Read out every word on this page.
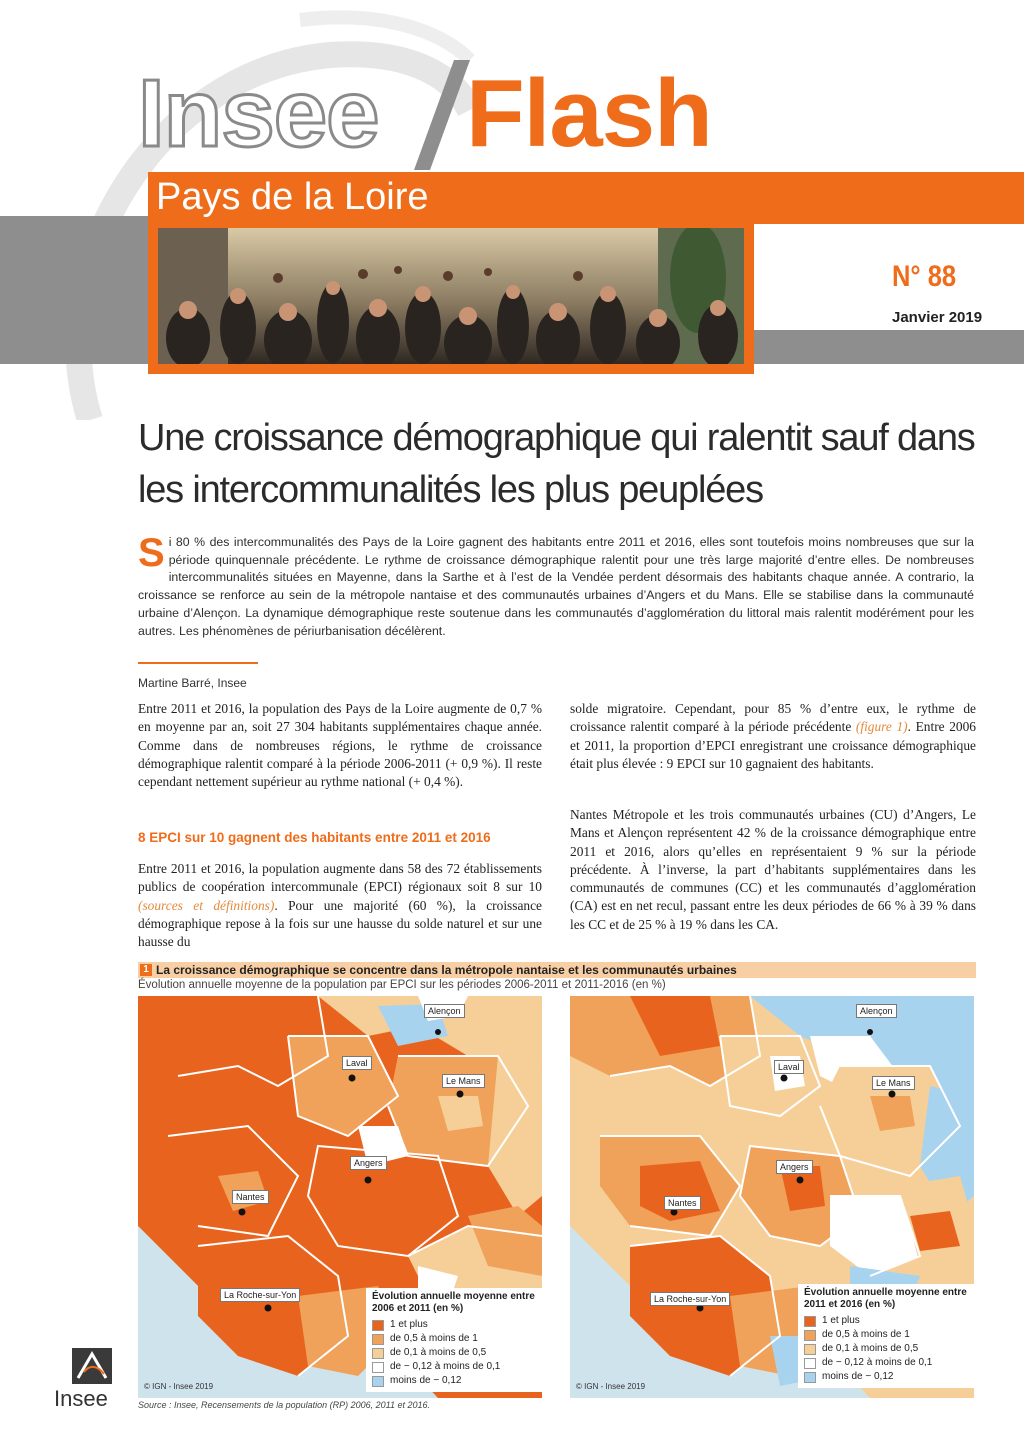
Insee Flash
Pays de la Loire
N° 88
Janvier 2019
Une croissance démographique qui ralentit sauf dans les intercommunalités les plus peuplées
Si 80 % des intercommunalités des Pays de la Loire gagnent des habitants entre 2011 et 2016, elles sont toutefois moins nombreuses que sur la période quinquennale précédente. Le rythme de croissance démographique ralentit pour une très large majorité d’entre elles. De nombreuses intercommunalités situées en Mayenne, dans la Sarthe et à l’est de la Vendée perdent désormais des habitants chaque année. A contrario, la croissance se renforce au sein de la métropole nantaise et des communautés urbaines d’Angers et du Mans. Elle se stabilise dans la communauté urbaine d’Alençon. La dynamique démographique reste soutenue dans les communautés d’agglomération du littoral mais ralentit modérément pour les autres. Les phénomènes de périurbanisation décélèrent.
Martine Barré, Insee

Entre 2011 et 2016, la population des Pays de la Loire augmente de 0,7 % en moyenne par an, soit 27 304 habitants supplémentaires chaque année. Comme dans de nombreuses régions, le rythme de croissance démographique ralentit comparé à la période 2006-2011 (+ 0,9 %). Il reste cependant nettement supérieur au rythme national (+ 0,4 %).

8 EPCI sur 10 gagnent des habitants entre 2011 et 2016

Entre 2011 et 2016, la population augmente dans 58 des 72 établissements publics de coopération intercommunale (EPCI) régionaux soit 8 sur 10 (sources et définitions). Pour une majorité (60 %), la croissance démographique repose à la fois sur une hausse du solde naturel et sur une hausse du

solde migratoire. Cependant, pour 85 % d’entre eux, le rythme de croissance ralentit comparé à la période précédente (figure 1). Entre 2006 et 2011, la proportion d’EPCI enregistrant une croissance démographique était plus élevée : 9 EPCI sur 10 gagnaient des habitants.

Nantes Métropole et les trois communautés urbaines (CU) d’Angers, Le Mans et Alençon représentent 42 % de la croissance démographique entre 2011 et 2016, alors qu’elles en représentaient 9 % sur la période précédente. À l’inverse, la part d’habitants supplémentaires dans les communautés de communes (CC) et les communautés d’agglomération (CA) est en net recul, passant entre les deux périodes de 66 % à 39 % dans les CC et de 25 % à 19 % dans les CA.

1 La croissance démographique se concentre dans la métropole nantaise et les communautés urbaines
Évolution annuelle moyenne de la population par EPCI sur les périodes 2006-2011 et 2011-2016 (en %)
Alençon
Laval
Le Mans
Angers
Nantes
La Roche-sur-Yon
© IGN - Insee 2019
Évolution annuelle moyenne entre 2006 et 2011 (en %)
1 et plus
de 0,5 à moins de 1
de 0,1 à moins de 0,5
de − 0,12 à moins de 0,1
moins de − 0,12
Alençon
Laval
Le Mans
Angers
Nantes
La Roche-sur-Yon
© IGN - Insee 2019
Évolution annuelle moyenne entre 2011 et 2016 (en %)
1 et plus
de 0,5 à moins de 1
de 0,1 à moins de 0,5
de − 0,12 à moins de 0,1
moins de − 0,12
Source : Insee, Recensements de la population (RP) 2006, 2011 et 2016.
Insee
